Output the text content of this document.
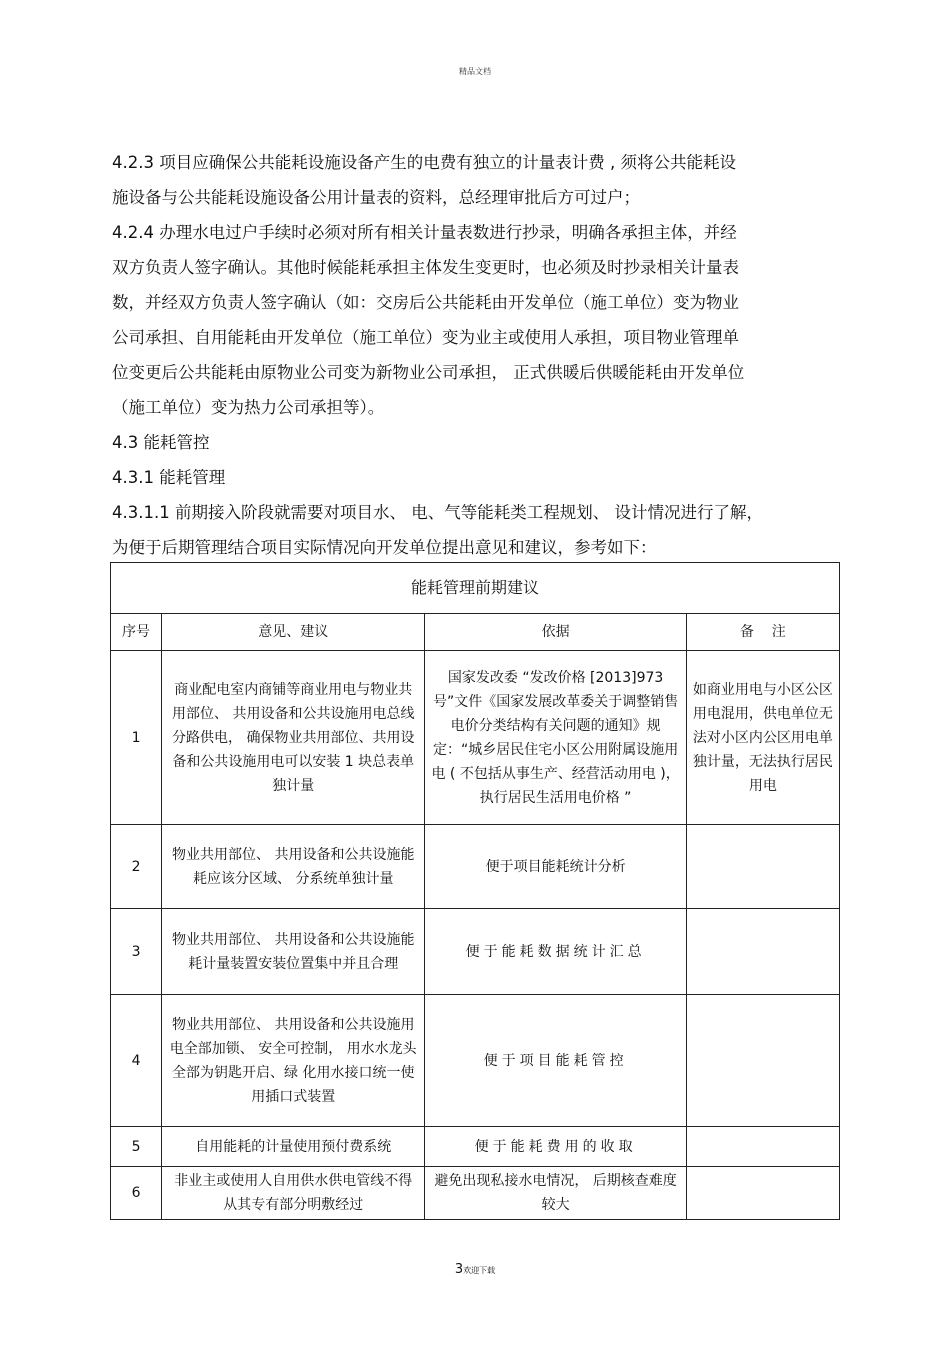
精品文档
4.2.3 项目应确保公共能耗设施设备产生的电费有独立的计量表计费 , 须将公共能耗设
施设备与公共能耗设施设备公用计量表的资料，总经理审批后方可过户；
4.2.4 办理水电过户手续时必须对所有相关计量表数进行抄录，明确各承担主体，并经
双方负责人签字确认。其他时候能耗承担主体发生变更时，也必须及时抄录相关计量表
数，并经双方负责人签字确认（如：交房后公共能耗由开发单位（施工单位）变为物业
公司承担、自用能耗由开发单位（施工单位）变为业主或使用人承担，项目物业管理单
位变更后公共能耗由原物业公司变为新物业公司承担， 正式供暖后供暖能耗由开发单位
（施工单位）变为热力公司承担等）。
4.3 能耗管控
4.3.1 能耗管理
4.3.1.1 前期接入阶段就需要对项目水、 电、气等能耗类工程规划、 设计情况进行了解，
为便于后期管理结合项目实际情况向开发单位提出意见和建议，参考如下：
能耗管理前期建议			
序号	意见、建议	依据	备    注
1	商业配电室内商铺等商业用电与物业共用部位、 共用设备和公共设施用电总线分路供电， 确保物业共用部位、共用设备和公共设施用电可以安装 1 块总表单独计量	国家发改委 “发改价格 [2013]973 号”文件《国家发展改革委关于调整销售电价分类结构有关问题的通知》规定：“城乡居民住宅小区公用附属设施用电 ( 不包括从事生产、经营活动用电 )，执行居民生活用电价格 ”	如商业用电与小区公区用电混用，供电单位无法对小区内公区用电单独计量，无法执行居民用电
2	物业共用部位、 共用设备和公共设施能耗应该分区域、 分系统单独计量	便于项目能耗统计分析	
3	物业共用部位、 共用设备和公共设施能耗计量装置安装位置集中并且合理	便于能耗数据统计汇总	
4	物业共用部位、 共用设备和公共设施用电全部加锁、 安全可控制， 用水水龙头全部为钥匙开启、绿 化用水接口统一使用插口式装置	便于项目能耗管控	
5	自用能耗的计量使用预付费系统	便于能耗费用的收取	
6	非业主或使用人自用供水供电管线不得从其专有部分明敷经过	避免出现私接水电情况， 后期核查难度较大	
3欢迎下载
